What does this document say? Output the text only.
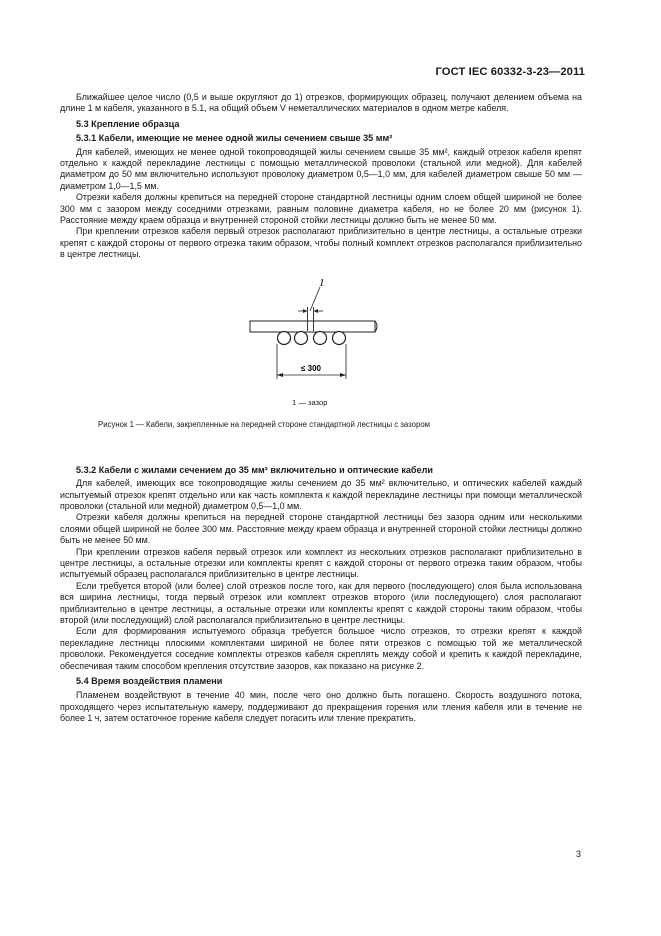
ГОСТ IEC 60332-3-23—2011

Ближайшее целое число (0,5 и выше округляют до 1) отрезков, формирующих образец, получают делением объема на длине 1 м кабеля, указанного в 5.1, на общий объем V неметаллических материалов в одном метре кабеля.

5.3 Крепление образца
5.3.1 Кабели, имеющие не менее одной жилы сечением свыше 35 мм²

Для кабелей, имеющих не менее одной токопроводящей жилы сечением свыше 35 мм², каждый отрезок кабеля крепят отдельно к каждой перекладине лестницы с помощью металлической проволоки (стальной или медной). Для кабелей диаметром до 50 мм включительно используют проволоку диаметром 0,5—1,0 мм, для кабелей диаметром свыше 50 мм — диаметром 1,0—1,5 мм.

Отрезки кабеля должны крепиться на передней стороне стандартной лестницы одним слоем общей шириной не более 300 мм с зазором между соседними отрезками, равным половине диаметра кабеля, но не более 20 мм (рисунок 1). Расстояние между краем образца и внутренней стороной стойки лестницы должно быть не менее 50 мм.

При креплении отрезков кабеля первый отрезок располагают приблизительно в центре лестницы, а остальные отрезки крепят с каждой стороны от первого отрезка таким образом, чтобы полный комплект отрезков располагался приблизительно в центре лестницы.

1
≤ 300
1 — зазор
Рисунок 1 — Кабели, закрепленные на передней стороне стандартной лестницы с зазором
5.3.2 Кабели с жилами сечением до 35 мм² включительно и оптические кабели

Для кабелей, имеющих все токопроводящие жилы сечением до 35 мм² включительно, и оптических кабелей каждый испытуемый отрезок крепят отдельно или как часть комплекта к каждой перекладине лестницы при помощи металлической проволоки (стальной или медной) диаметром 0,5—1,0 мм.

Отрезки кабеля должны крепиться на передней стороне стандартной лестницы без зазора одним или несколькими слоями общей шириной не более 300 мм. Расстояние между краем образца и внутренней стороной стойки лестницы должно быть не менее 50 мм.

При креплении отрезков кабеля первый отрезок или комплект из нескольких отрезков располагают приблизительно в центре лестницы, а остальные отрезки или комплекты крепят с каждой стороны от первого отрезка таким образом, чтобы испытуемый образец располагался приблизительно в центре лестницы.

Если требуется второй (или более) слой отрезков после того, как для первого (последующего) слоя была использована вся ширина лестницы, тогда первый отрезок или комплект отрезков второго (или последующего) слоя располагают приблизительно в центре лестницы, а остальные отрезки или комплекты крепят с каждой стороны таким образом, чтобы второй (или последующий) слой располагался приблизительно в центре лестницы.

Если для формирования испытуемого образца требуется большое число отрезков, то отрезки крепят к каждой перекладине лестницы плоскими комплектами шириной не более пяти отрезков с помощью той же металлической проволоки. Рекомендуется соседние комплекты отрезков кабеля скреплять между собой и крепить к каждой перекладине, обеспечивая таким способом крепления отсутствие зазоров, как показано на рисунке 2.

5.4 Время воздействия пламени

Пламенем воздействуют в течение 40 мин, после чего оно должно быть погашено. Скорость воздушного потока, проходящего через испытательную камеру, поддерживают до прекращения горения или тления кабеля или в течение не более 1 ч, затем остаточное горение кабеля следует погасить или тление прекратить.

3
